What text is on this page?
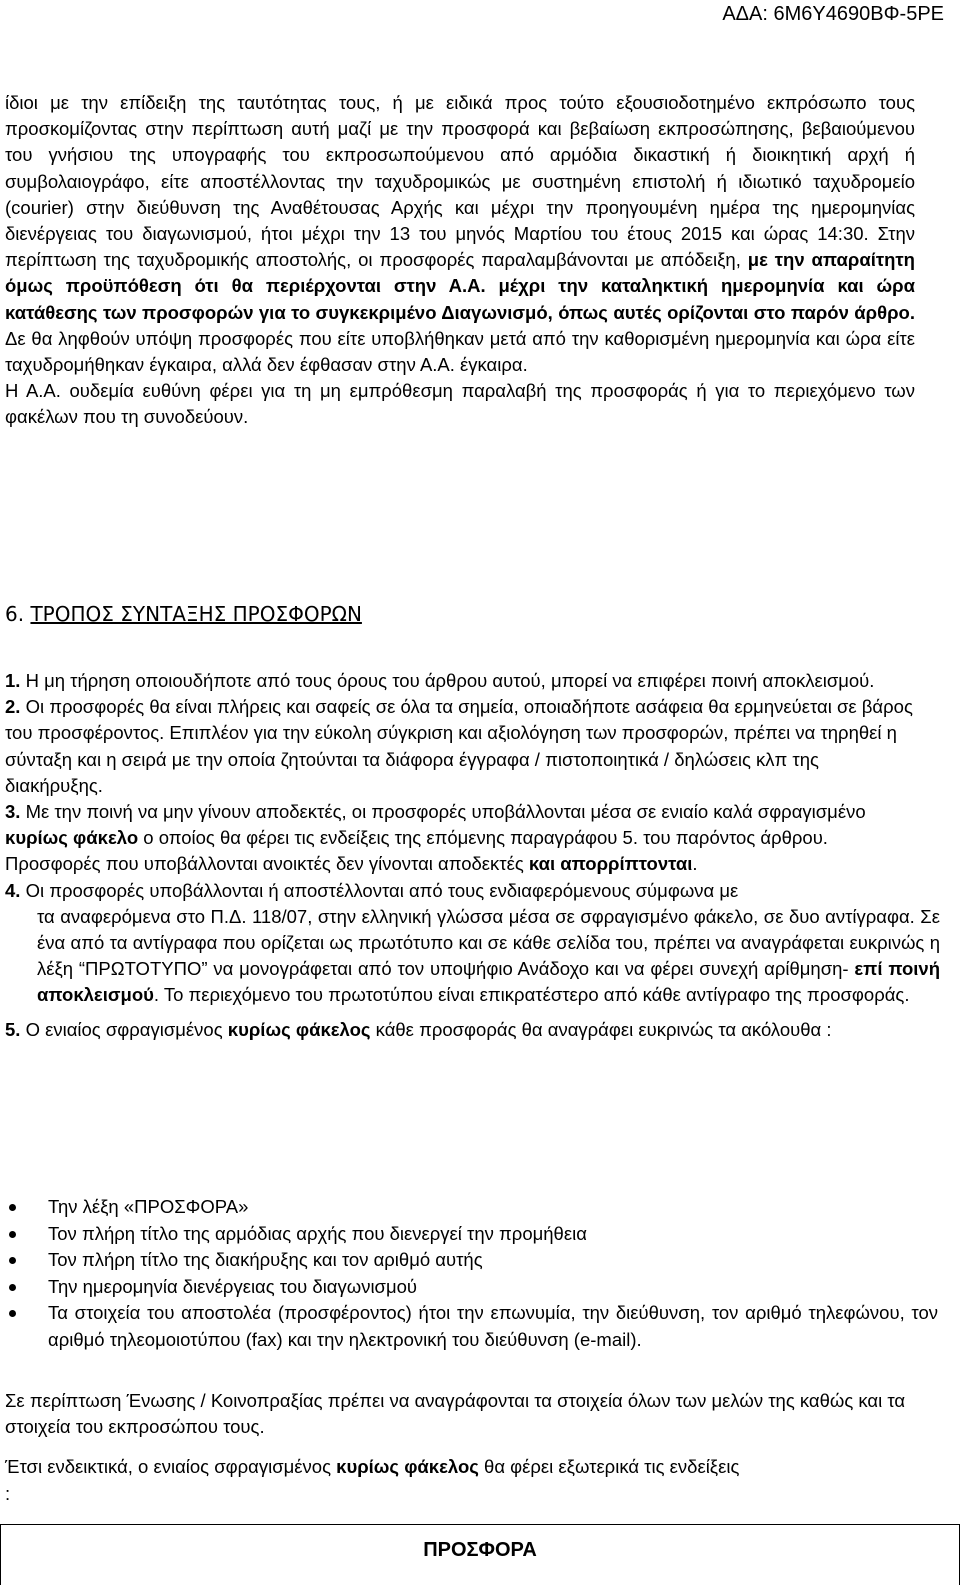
ΑΔΑ: 6Μ6Υ4690ΒΦ-5ΡΕ

ίδιοι με την επίδειξη της ταυτότητας τους, ή με ειδικά προς τούτο εξουσιοδοτημένο εκπρόσωπο τους προσκομίζοντας στην περίπτωση αυτή μαζί με την προσφορά και βεβαίωση εκπροσώπησης, βεβαιούμενου του γνήσιου της υπογραφής του εκπροσωπούμενου από αρμόδια δικαστική ή διοικητική αρχή ή συμβολαιογράφο, είτε αποστέλλοντας την ταχυδρομικώς με συστημένη επιστολή ή ιδιωτικό ταχυδρομείο (courier) στην διεύθυνση της Αναθέτουσας Αρχής και μέχρι την προηγουμένη ημέρα της ημερομηνίας διενέργειας του διαγωνισμού, ήτοι μέχρι την 13 του μηνός Μαρτίου του έτους 2015 και ώρας 14:30. Στην περίπτωση της ταχυδρομικής αποστολής, οι προσφορές παραλαμβάνονται με απόδειξη, με την απαραίτητη όμως προϋπόθεση ότι θα περιέρχονται στην Α.Α. μέχρι την καταληκτική ημερομηνία και ώρα κατάθεσης των προσφορών για το συγκεκριμένο Διαγωνισμό, όπως αυτές ορίζονται στο παρόν άρθρο. Δε θα ληφθούν υπόψη προσφορές που είτε υποβλήθηκαν μετά από την καθορισμένη ημερομηνία και ώρα είτε ταχυδρομήθηκαν έγκαιρα, αλλά δεν έφθασαν στην Α.Α. έγκαιρα.

Η Α.Α. ουδεμία ευθύνη φέρει για τη μη εμπρόθεσμη παραλαβή της προσφοράς ή για το περιεχόμενο των φακέλων που τη συνοδεύουν.

6. ΤΡΟΠΟΣ ΣΥΝΤΑΞΗΣ ΠΡΟΣΦΟΡΩΝ

1. Η μη τήρηση οποιουδήποτε από τους όρους του άρθρου αυτού, μπορεί να επιφέρει ποινή αποκλεισμού.

2. Οι προσφορές θα είναι πλήρεις και σαφείς σε όλα τα σημεία, οποιαδήποτε ασάφεια θα ερμηνεύεται σε βάρος του προσφέροντος. Επιπλέον για την εύκολη σύγκριση και αξιολόγηση των προσφορών, πρέπει να τηρηθεί η σύνταξη και η σειρά με την οποία ζητούνται τα διάφορα έγγραφα / πιστοποιητικά / δηλώσεις κλπ της διακήρυξης.

3. Με την ποινή να μην γίνουν αποδεκτές, οι προσφορές υποβάλλονται μέσα σε ενιαίο καλά σφραγισμένο κυρίως φάκελο ο οποίος θα φέρει τις ενδείξεις της επόμενης παραγράφου 5. του παρόντος άρθρου. Προσφορές που υποβάλλονται ανοικτές δεν γίνονται αποδεκτές και απορρίπτονται.

4. Οι προσφορές υποβάλλονται ή αποστέλλονται από τους ενδιαφερόμενους σύμφωνα με

τα αναφερόμενα στο Π.Δ. 118/07, στην ελληνική γλώσσα μέσα σε σφραγισμένο φάκελο, σε δυο αντίγραφα. Σε ένα από τα αντίγραφα που ορίζεται ως πρωτότυπο και σε κάθε σελίδα του, πρέπει να αναγράφεται ευκρινώς η λέξη “ΠΡΩΤΟΤΥΠΟ” να μονογράφεται από τον υποψήφιο Ανάδοχο και να φέρει συνεχή αρίθμηση- επί ποινή αποκλεισμού. Το περιεχόμενο του πρωτοτύπου είναι επικρατέστερο από κάθε αντίγραφο της προσφοράς.

5. Ο ενιαίος σφραγισμένος κυρίως φάκελος κάθε προσφοράς θα αναγράφει ευκρινώς τα ακόλουθα :

Την λέξη «ΠΡΟΣΦΟΡΑ»
Τον πλήρη τίτλο της αρμόδιας αρχής που διενεργεί την προμήθεια
Τον πλήρη τίτλο της διακήρυξης και τον αριθμό αυτής
Την ημερομηνία διενέργειας του διαγωνισμού
Τα στοιχεία του αποστολέα (προσφέροντος) ήτοι την επωνυμία, την διεύθυνση, τον αριθμό τηλεφώνου, τον αριθμό τηλεομοιοτύπου (fax) και την ηλεκτρονική του διεύθυνση (e-mail).

Σε περίπτωση Ένωσης / Κοινοπραξίας πρέπει να αναγράφονται τα στοιχεία όλων των μελών της καθώς και τα στοιχεία του εκπροσώπου τους.

Έτσι ενδεικτικά, ο ενιαίος σφραγισμένος κυρίως φάκελος θα φέρει εξωτερικά τις ενδείξεις

:

ΠΡΟΣΦΟΡΑ
